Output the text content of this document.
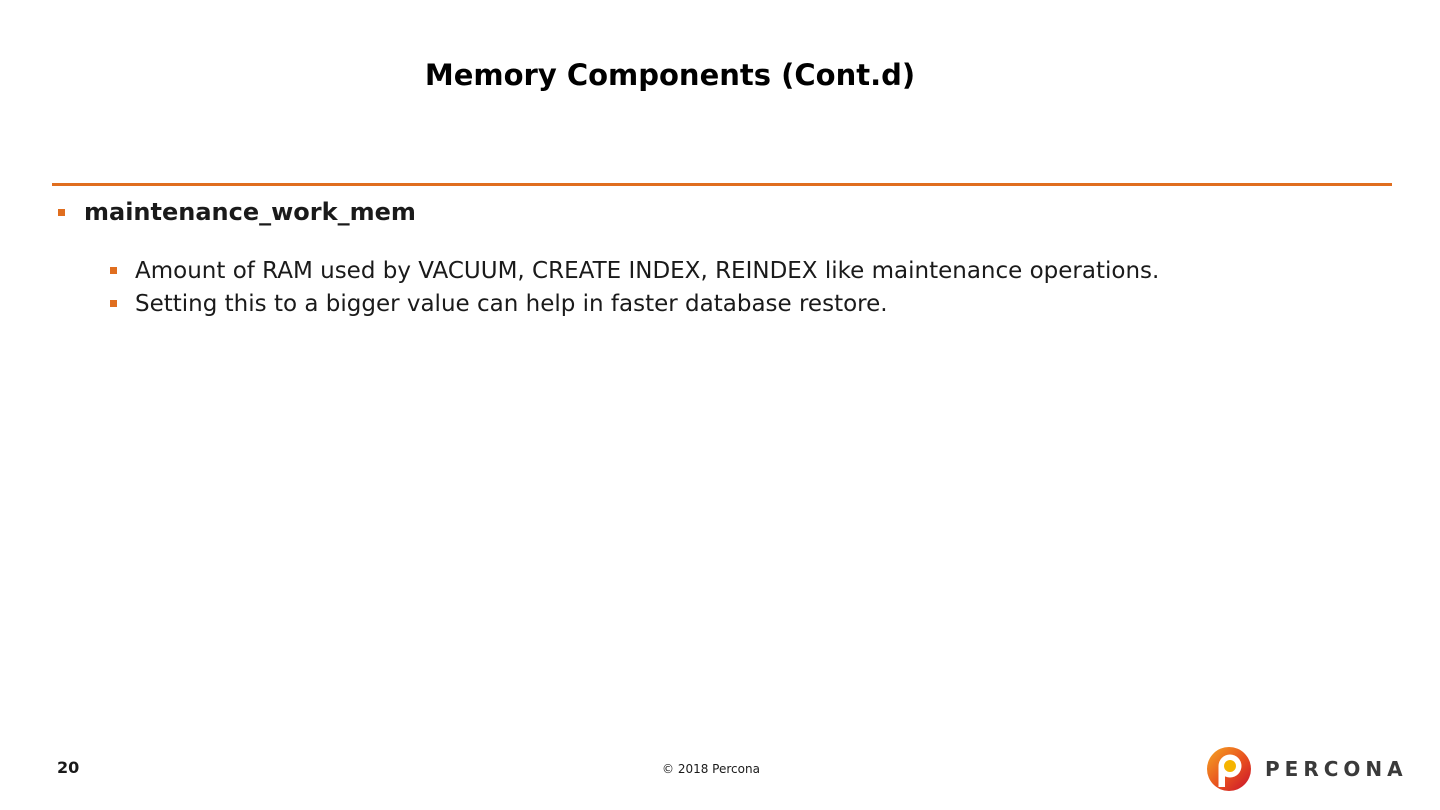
Memory Components (Cont.d)
maintenance_work_mem
Amount of RAM used by VACUUM, CREATE INDEX, REINDEX like maintenance operations.
Setting this to a bigger value can help in faster database restore.
20	© 2018 Percona	PERCONA
